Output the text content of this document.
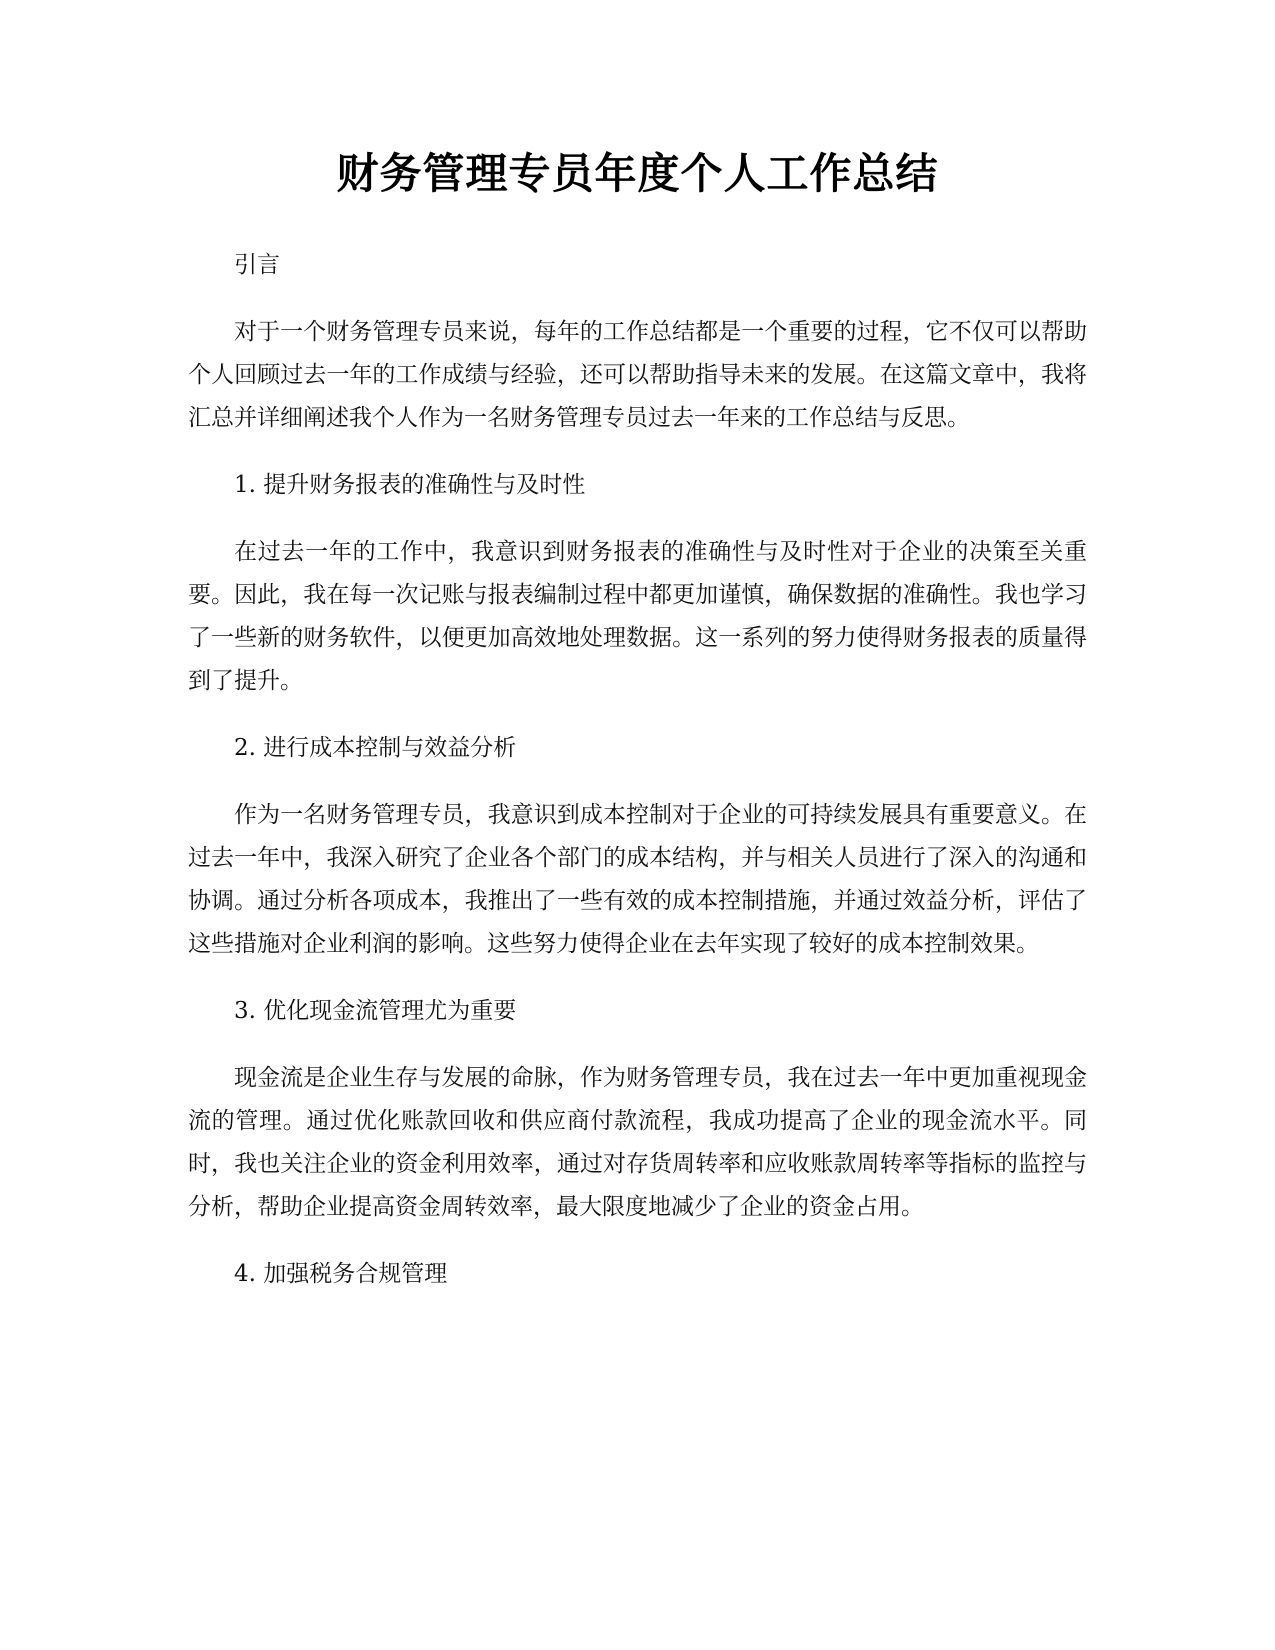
财务管理专员年度个人工作总结

引言

对于一个财务管理专员来说，每年的工作总结都是一个重要的过程，它不仅可以帮助个人回顾过去一年的工作成绩与经验，还可以帮助指导未来的发展。在这篇文章中，我将汇总并详细阐述我个人作为一名财务管理专员过去一年来的工作总结与反思。

1. 提升财务报表的准确性与及时性

在过去一年的工作中，我意识到财务报表的准确性与及时性对于企业的决策至关重要。因此，我在每一次记账与报表编制过程中都更加谨慎，确保数据的准确性。我也学习了一些新的财务软件，以便更加高效地处理数据。这一系列的努力使得财务报表的质量得到了提升。

2. 进行成本控制与效益分析

作为一名财务管理专员，我意识到成本控制对于企业的可持续发展具有重要意义。在过去一年中，我深入研究了企业各个部门的成本结构，并与相关人员进行了深入的沟通和协调。通过分析各项成本，我推出了一些有效的成本控制措施，并通过效益分析，评估了这些措施对企业利润的影响。这些努力使得企业在去年实现了较好的成本控制效果。

3. 优化现金流管理尤为重要

现金流是企业生存与发展的命脉，作为财务管理专员，我在过去一年中更加重视现金流的管理。通过优化账款回收和供应商付款流程，我成功提高了企业的现金流水平。同时，我也关注企业的资金利用效率，通过对存货周转率和应收账款周转率等指标的监控与分析，帮助企业提高资金周转效率，最大限度地减少了企业的资金占用。

4. 加强税务合规管理
